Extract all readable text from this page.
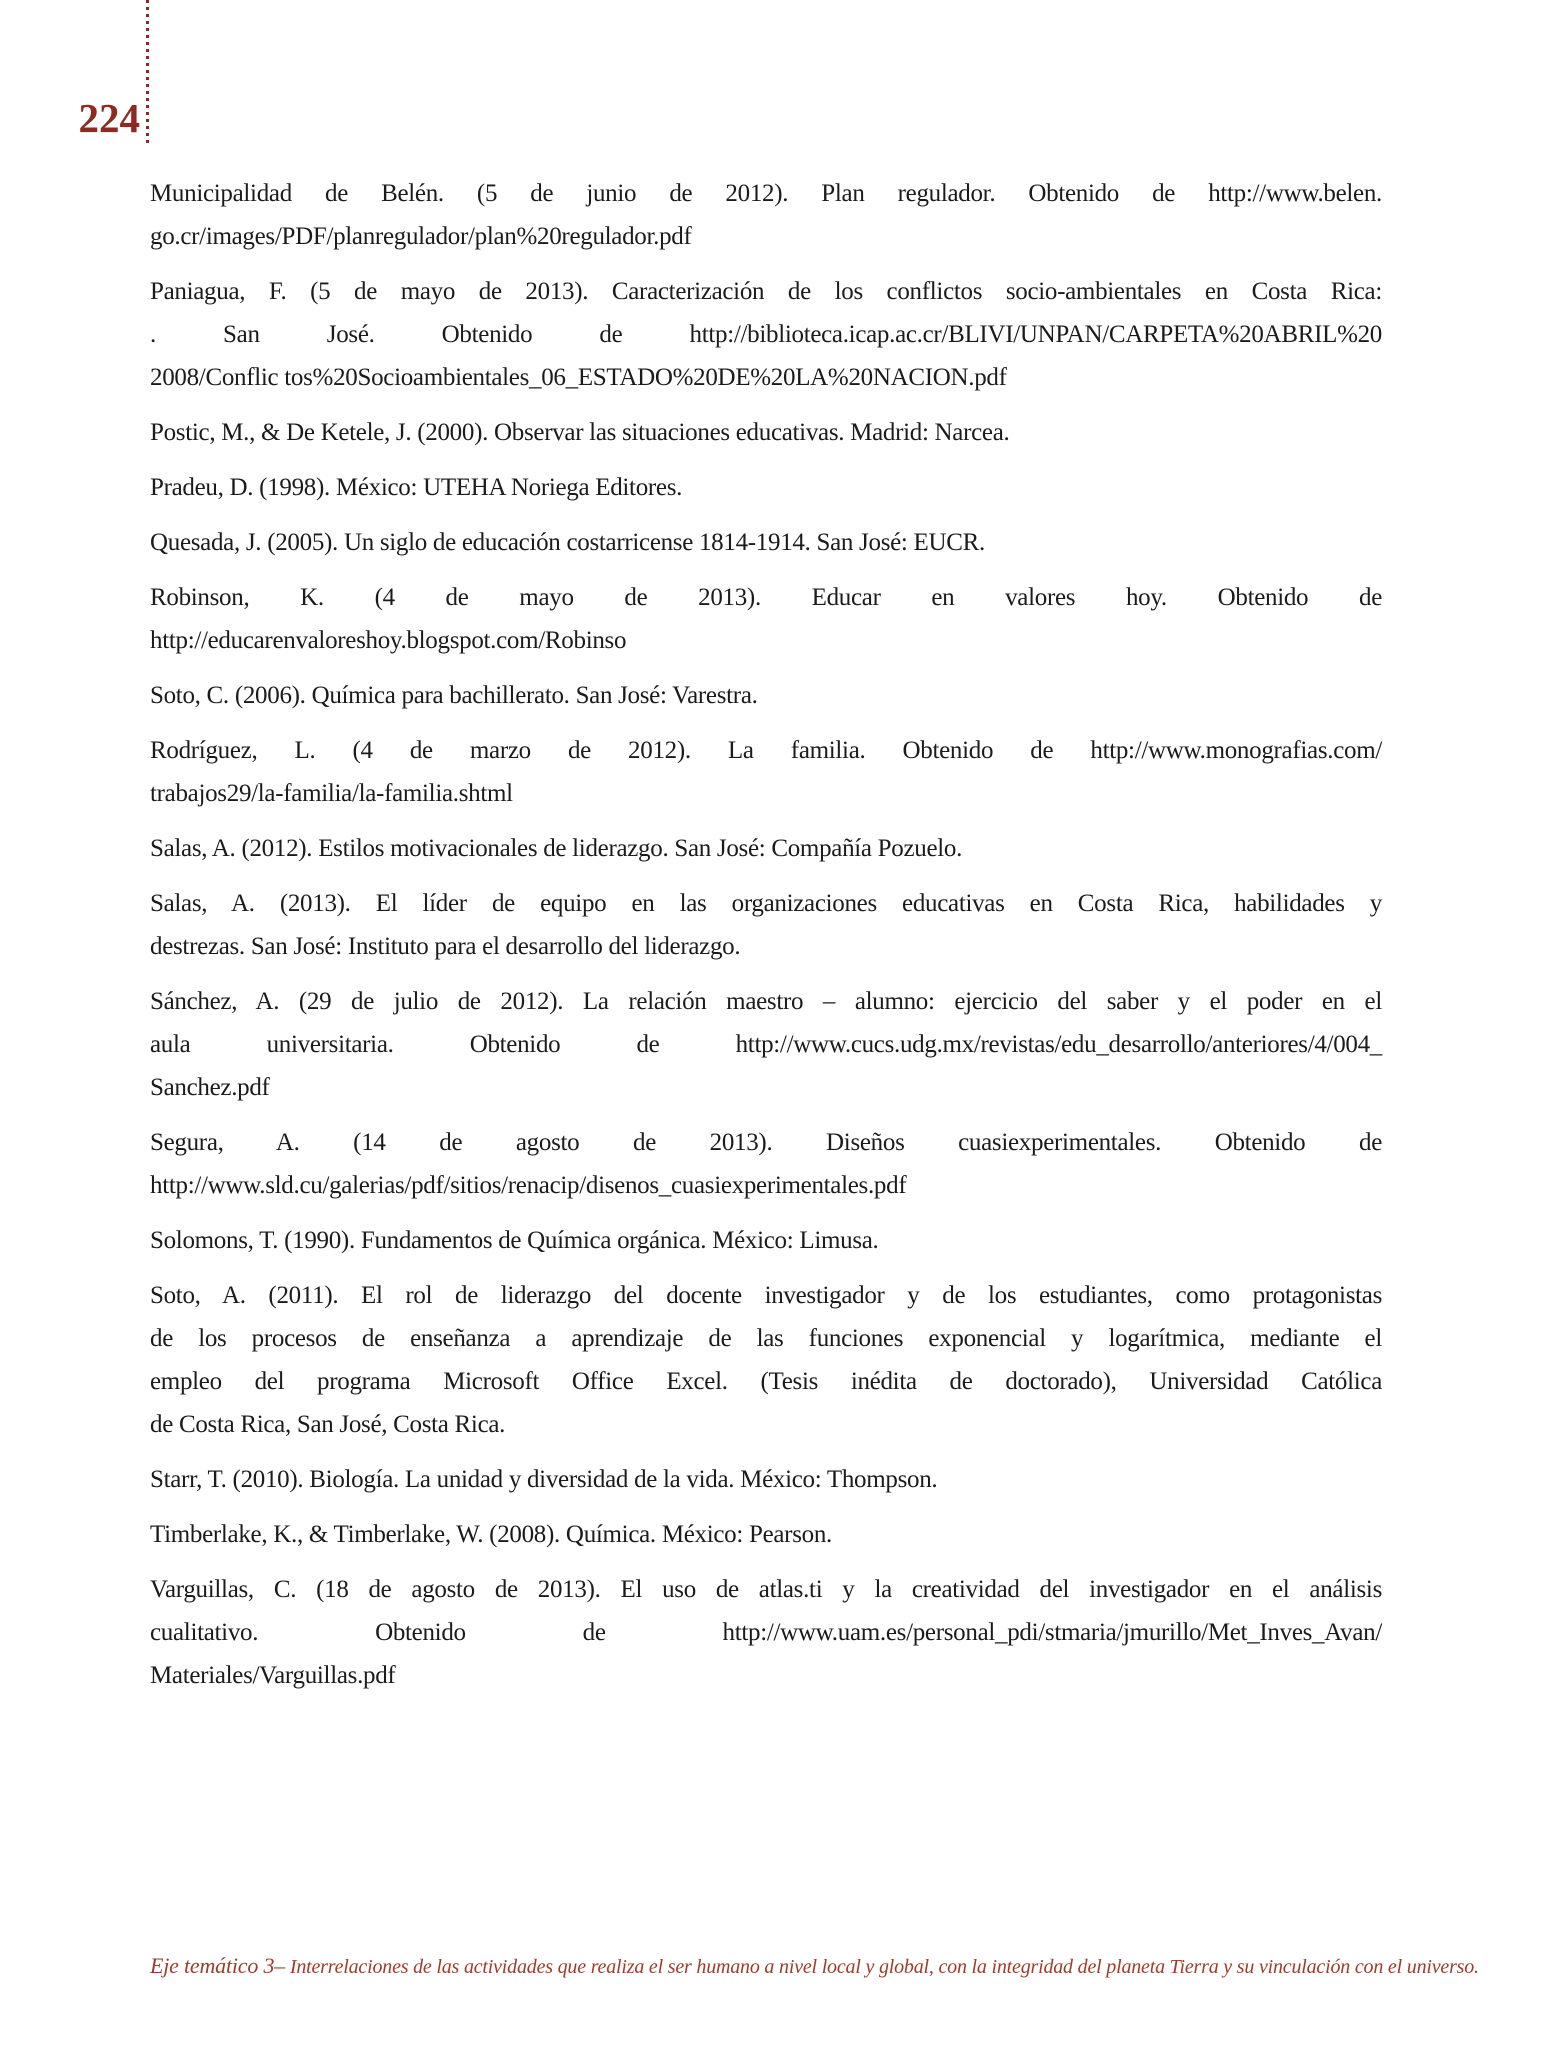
224

Municipalidad de Belén. (5 de junio de 2012). Plan regulador. Obtenido de http://www.belen.
go.cr/images/PDF/planregulador/plan%20regulador.pdf

Paniagua, F. (5 de mayo de 2013). Caracterización de los conflictos socio-ambientales en Costa Rica:
. San José. Obtenido de http://biblioteca.icap.ac.cr/BLIVI/UNPAN/CARPETA%20ABRIL%20
2008/Conflic tos%20Socioambientales_06_ESTADO%20DE%20LA%20NACION.pdf

Postic, M., & De Ketele, J. (2000). Observar las situaciones educativas. Madrid: Narcea.

Pradeu, D. (1998). México: UTEHA Noriega Editores.

Quesada, J. (2005). Un siglo de educación costarricense 1814-1914. San José: EUCR.

Robinson, K. (4 de mayo de 2013). Educar en valores hoy. Obtenido de
http://educarenvaloreshoy.blogspot.com/Robinso

Soto, C. (2006). Química para bachillerato. San José: Varestra.

Rodríguez, L. (4 de marzo de 2012). La familia. Obtenido de http://www.monografias.com/
trabajos29/la-familia/la-familia.shtml

Salas, A. (2012). Estilos motivacionales de liderazgo. San José: Compañía Pozuelo.

Salas, A. (2013). El líder de equipo en las organizaciones educativas en Costa Rica, habilidades y
destrezas. San José: Instituto para el desarrollo del liderazgo.

Sánchez, A. (29 de julio de 2012). La relación maestro – alumno: ejercicio del saber y el poder en el
aula universitaria. Obtenido de http://www.cucs.udg.mx/revistas/edu_desarrollo/anteriores/4/004_
Sanchez.pdf

Segura, A. (14 de agosto de 2013). Diseños cuasiexperimentales. Obtenido de
http://www.sld.cu/galerias/pdf/sitios/renacip/disenos_cuasiexperimentales.pdf

Solomons, T. (1990). Fundamentos de Química orgánica. México: Limusa.

Soto, A. (2011). El rol de liderazgo del docente investigador y de los estudiantes, como protagonistas
de los procesos de enseñanza a aprendizaje de las funciones exponencial y logarítmica, mediante el
empleo del programa Microsoft Office Excel. (Tesis inédita de doctorado), Universidad Católica
de Costa Rica, San José, Costa Rica.

Starr, T. (2010). Biología. La unidad y diversidad de la vida. México: Thompson.

Timberlake, K., & Timberlake, W. (2008). Química. México: Pearson.

Varguillas, C. (18 de agosto de 2013). El uso de atlas.ti y la creatividad del investigador en el análisis
cualitativo. Obtenido de http://www.uam.es/personal_pdi/stmaria/jmurillo/Met_Inves_Avan/
Materiales/Varguillas.pdf

Eje temático 3– Interrelaciones de las actividades que realiza el ser humano a nivel local y global, con la integridad del planeta Tierra y su vinculación con el universo.
